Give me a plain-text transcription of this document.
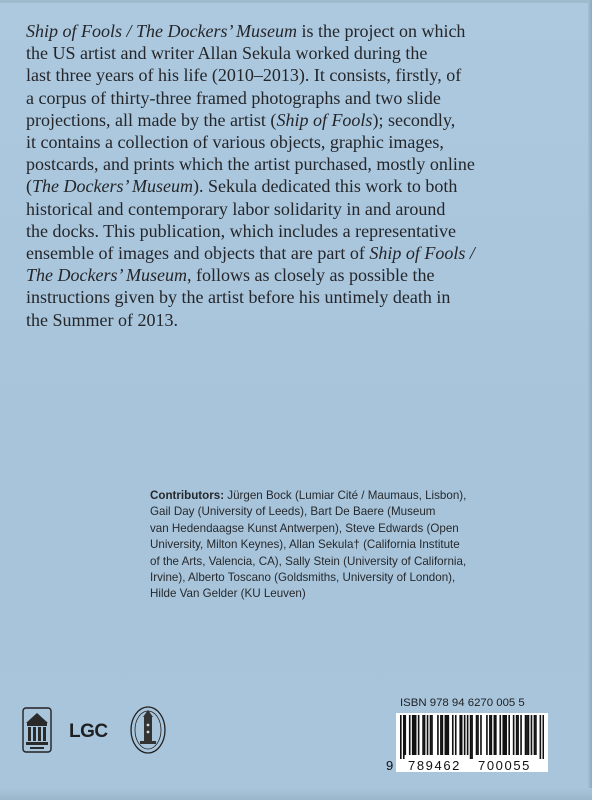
Ship of Fools / The Dockers’ Museum is the project on which
the US artist and writer Allan Sekula worked during the
last three years of his life (2010–2013). It consists, firstly, of
a corpus of thirty-three framed photographs and two slide
projections, all made by the artist (Ship of Fools); secondly,
it contains a collection of various objects, graphic images,
postcards, and prints which the artist purchased, mostly online
(The Dockers’ Museum). Sekula dedicated this work to both
historical and contemporary labor solidarity in and around
the docks. This publication, which includes a representative
ensemble of images and objects that are part of Ship of Fools /
The Dockers’ Museum, follows as closely as possible the
instructions given by the artist before his untimely death in
the Summer of 2013.
Contributors: Jürgen Bock (Lumiar Cité / Maumaus, Lisbon),
Gail Day (University of Leeds), Bart De Baere (Museum
van Hedendaagse Kunst Antwerpen), Steve Edwards (Open
University, Milton Keynes), Allan Sekula† (California Institute
of the Arts, Valencia, CA), Sally Stein (University of California,
Irvine), Alberto Toscano (Goldsmiths, University of London),
Hilde Van Gelder (KU Leuven)
LGC
ISBN 978 94 6270 005 5
9 789462 700055
